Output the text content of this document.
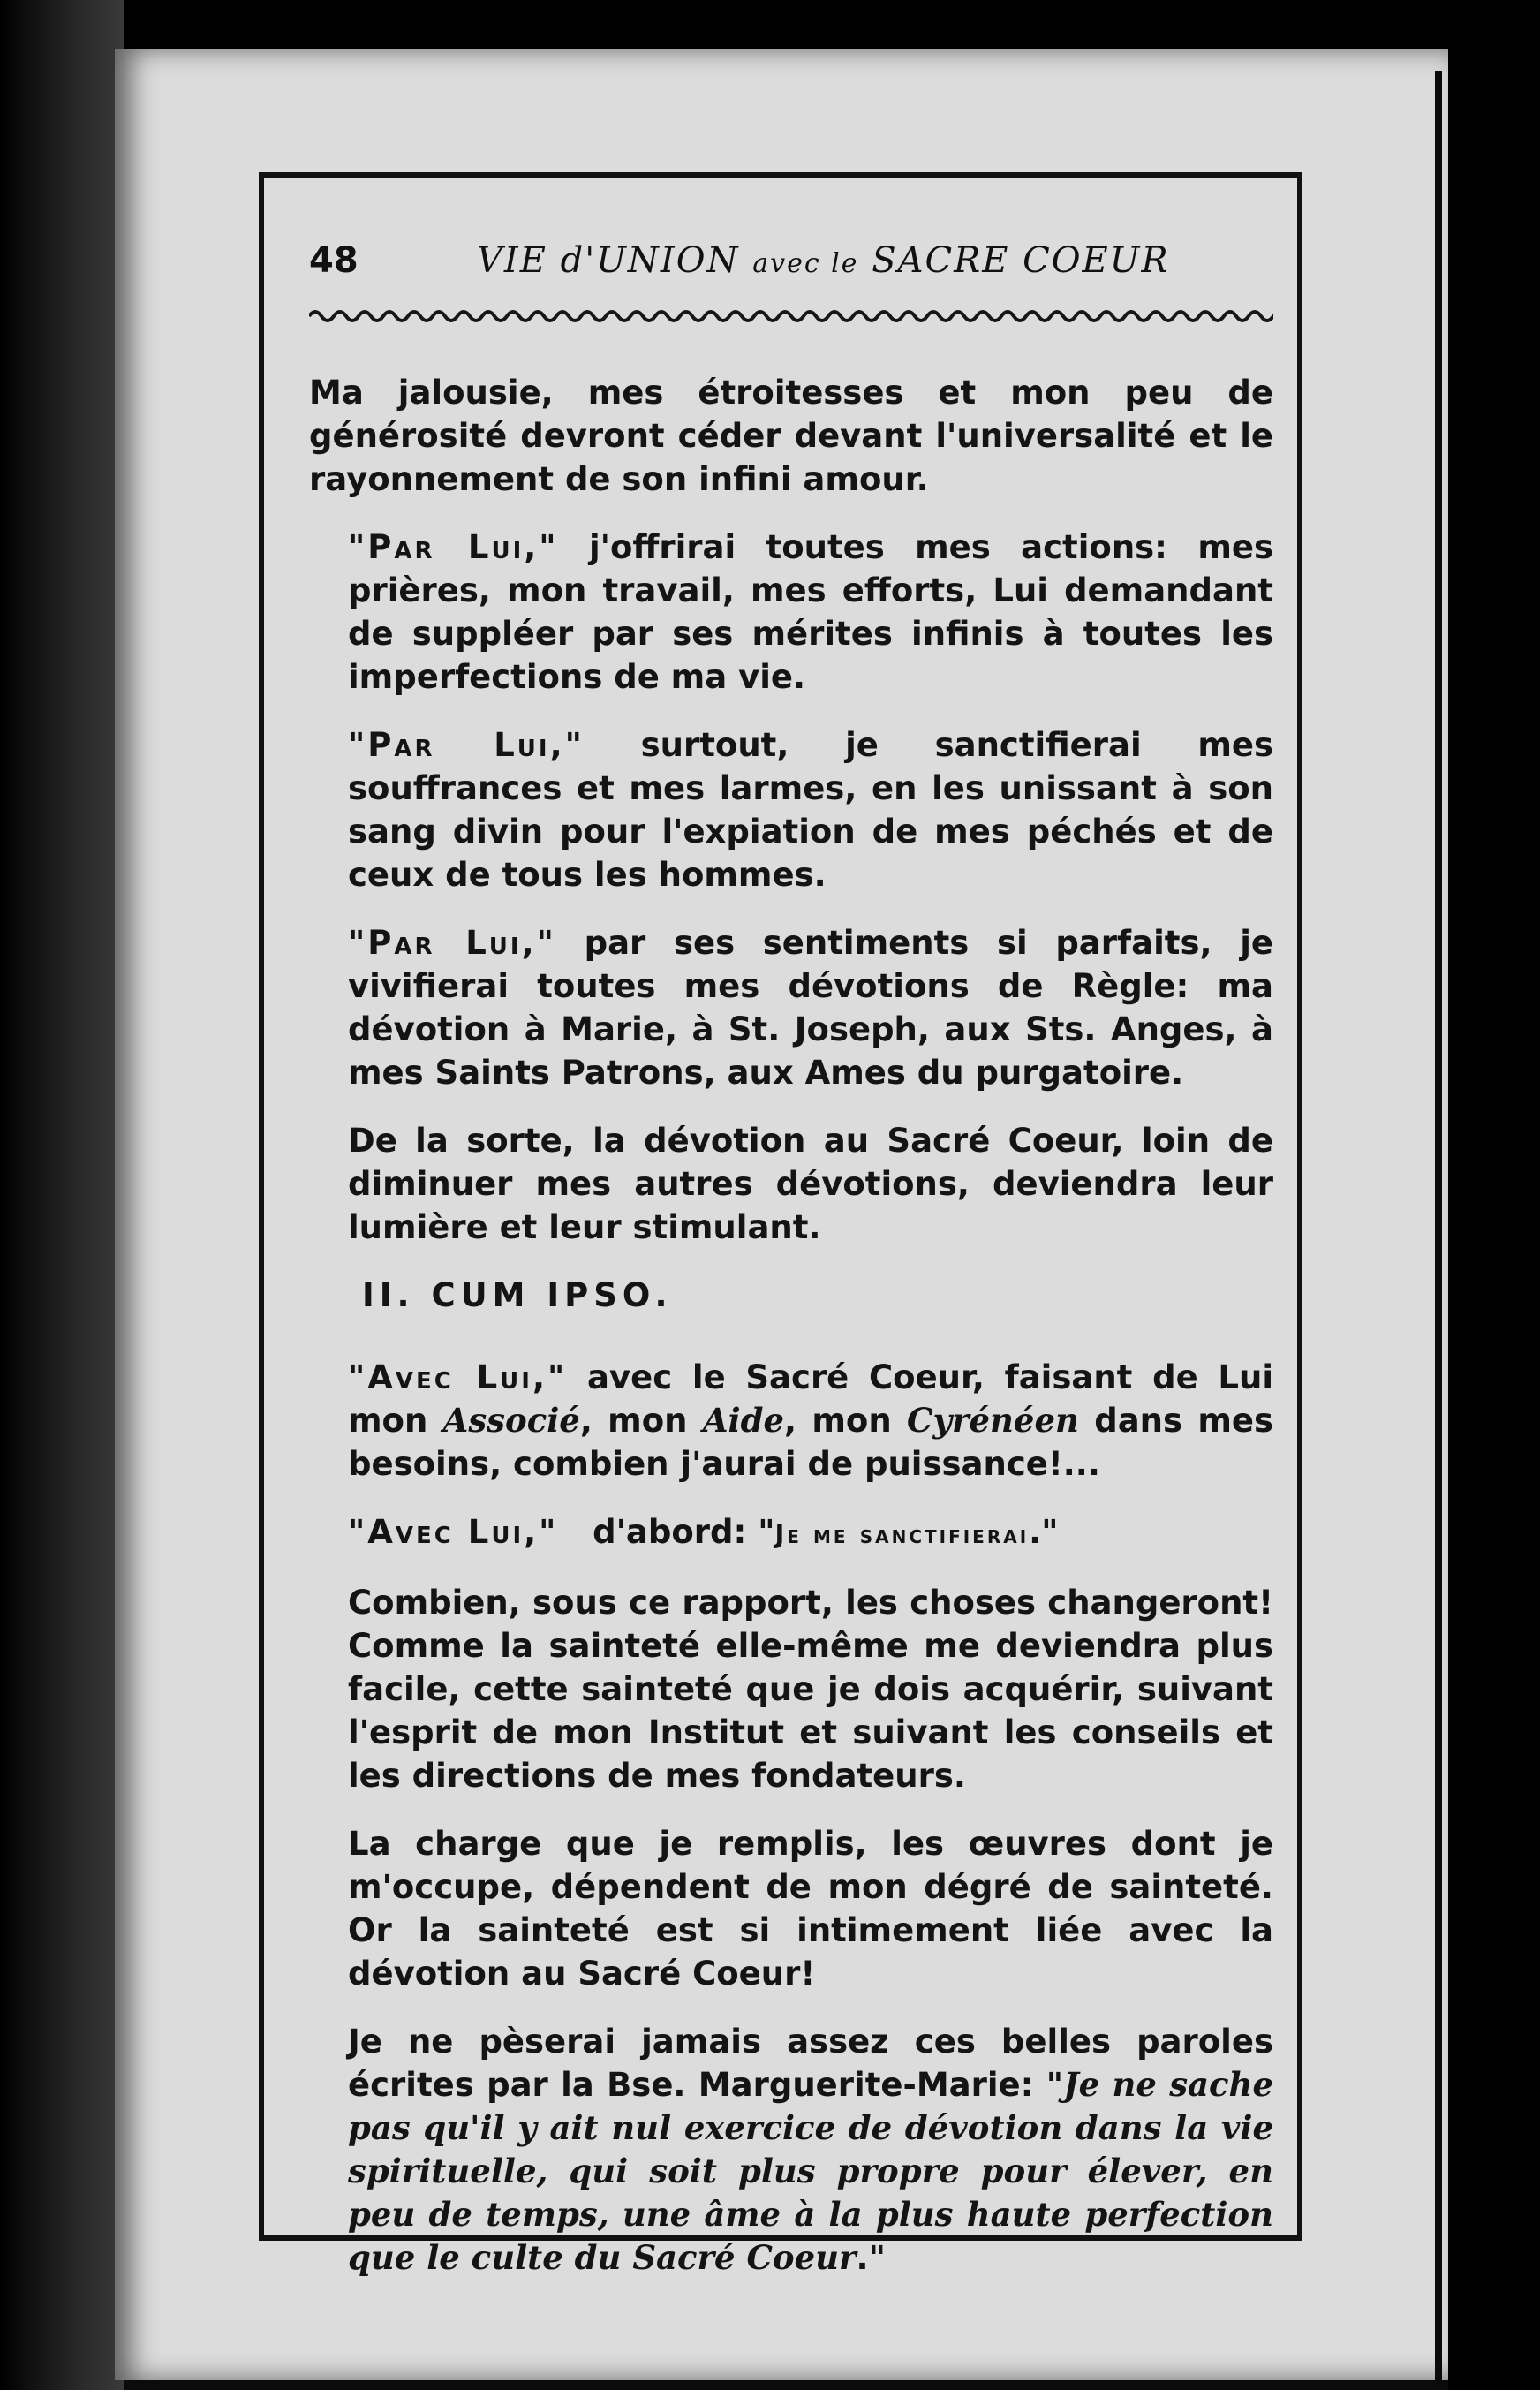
48	VIE d'UNION avec le SACRE COEUR

Ma jalousie, mes étroitesses et mon peu de générosité devront céder devant l'universalité et le rayonnement de son infini amour.

"Par Lui," j'offrirai toutes mes actions: mes prières, mon travail, mes efforts, Lui demandant de suppléer par ses mérites infinis à toutes les imperfections de ma vie.

"Par Lui," surtout, je sanctifierai mes souffrances et mes larmes, en les unissant à son sang divin pour l'expiation de mes péchés et de ceux de tous les hommes.

"Par Lui," par ses sentiments si parfaits, je vivifierai toutes mes dévotions de Règle: ma dévotion à Marie, à St. Joseph, aux Sts. Anges, à mes Saints Patrons, aux Ames du purgatoire.

De la sorte, la dévotion au Sacré Coeur, loin de diminuer mes autres dévotions, deviendra leur lumière et leur stimulant.

II. CUM IPSO.

"Avec Lui," avec le Sacré Coeur, faisant de Lui mon Associé, mon Aide, mon Cyrénéen dans mes besoins, combien j'aurai de puissance!...

"Avec Lui," d'abord: "Je me sanctifierai."

Combien, sous ce rapport, les choses changeront! Comme la sainteté elle-même me deviendra plus facile, cette sainteté que je dois acquérir, suivant l'esprit de mon Institut et suivant les conseils et les directions de mes fondateurs.

La charge que je remplis, les œuvres dont je m'occupe, dépendent de mon dégré de sainteté. Or la sainteté est si intimement liée avec la dévotion au Sacré Coeur!

Je ne pèserai jamais assez ces belles paroles écrites par la Bse. Marguerite-Marie: "Je ne sache pas qu'il y ait nul exercice de dévotion dans la vie spirituelle, qui soit plus propre pour élever, en peu de temps, une âme à la plus haute perfection que le culte du Sacré Coeur."
